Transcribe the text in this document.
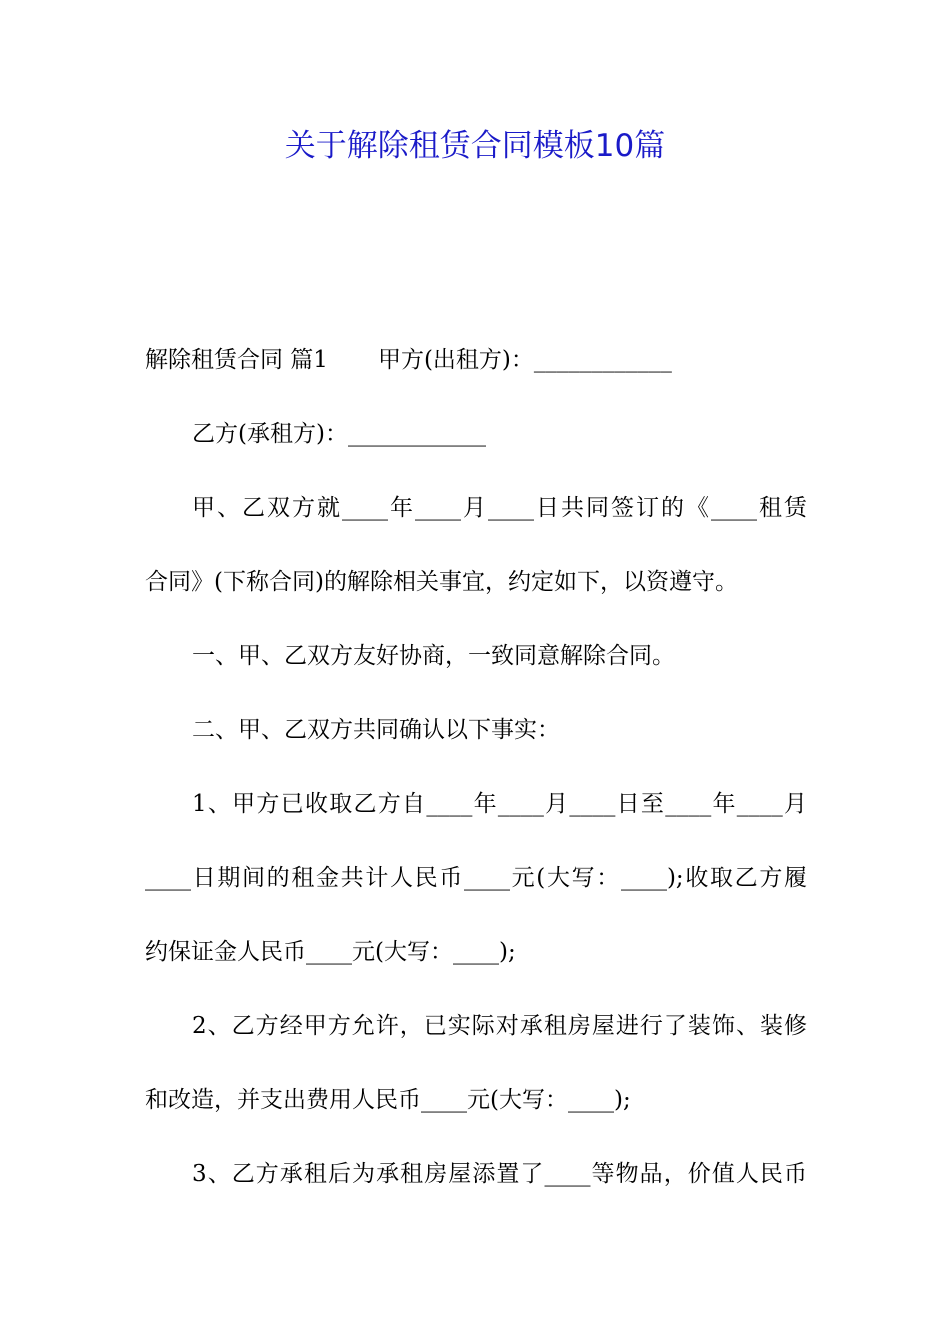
关于解除租赁合同模板10篇
解除租赁合同 篇1 甲方(出租方)：____________
乙方(承租方)：____________
甲、乙双方就____年____月____日共同签订的《____租赁
合同》(下称合同)的解除相关事宜，约定如下，以资遵守。
一、甲、乙双方友好协商，一致同意解除合同。
二、甲、乙双方共同确认以下事实：
1、甲方已收取乙方自____年____月____日至____年____月
____日期间的租金共计人民币____元(大写：____);收取乙方履
约保证金人民币____元(大写：____);
2、乙方经甲方允许，已实际对承租房屋进行了装饰、装修
和改造，并支出费用人民币____元(大写：____);
3、乙方承租后为承租房屋添置了____等物品，价值人民币
